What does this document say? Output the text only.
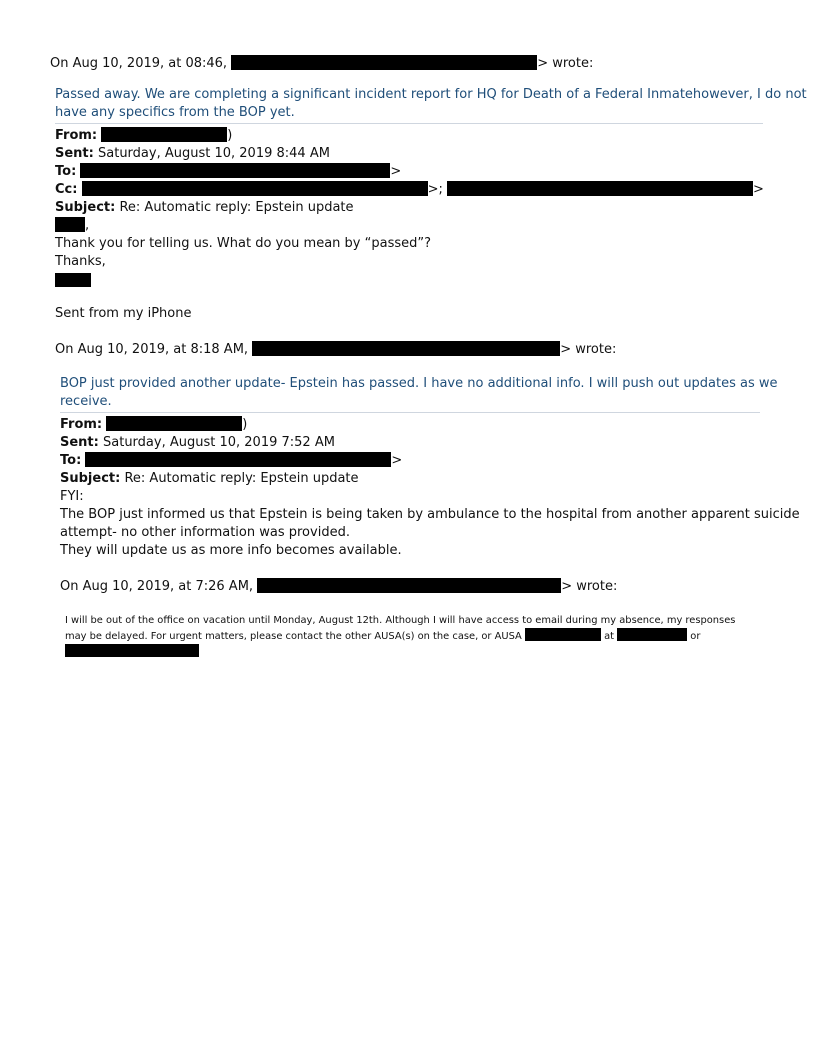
On Aug 10, 2019, at 08:46,	> wrote:
Passed away. We are completing a significant incident report for HQ for Death of a Federal Inmatehowever, I do not
have any specifics from the BOP yet.
From:	)
Sent: Saturday, August 10, 2019 8:44 AM
To:	>
Cc:	>;	>
Subject: Re: Automatic reply: Epstein update
,
Thank you for telling us. What do you mean by “passed”?
Thanks,
Sent from my iPhone
On Aug 10, 2019, at 8:18 AM,	> wrote:
BOP just provided another update- Epstein has passed. I have no additional info. I will push out updates as we
receive.
From:	)
Sent: Saturday, August 10, 2019 7:52 AM
To:	>
Subject: Re: Automatic reply: Epstein update
FYI:
The BOP just informed us that Epstein is being taken by ambulance to the hospital from another apparent suicide
attempt- no other information was provided.
They will update us as more info becomes available.
On Aug 10, 2019, at 7:26 AM,	> wrote:
I will be out of the office on vacation until Monday, August 12th. Although I will have access to email during my absence, my responses
may be delayed. For urgent matters, please contact the other AUSA(s) on the case, or AUSA	at	or
